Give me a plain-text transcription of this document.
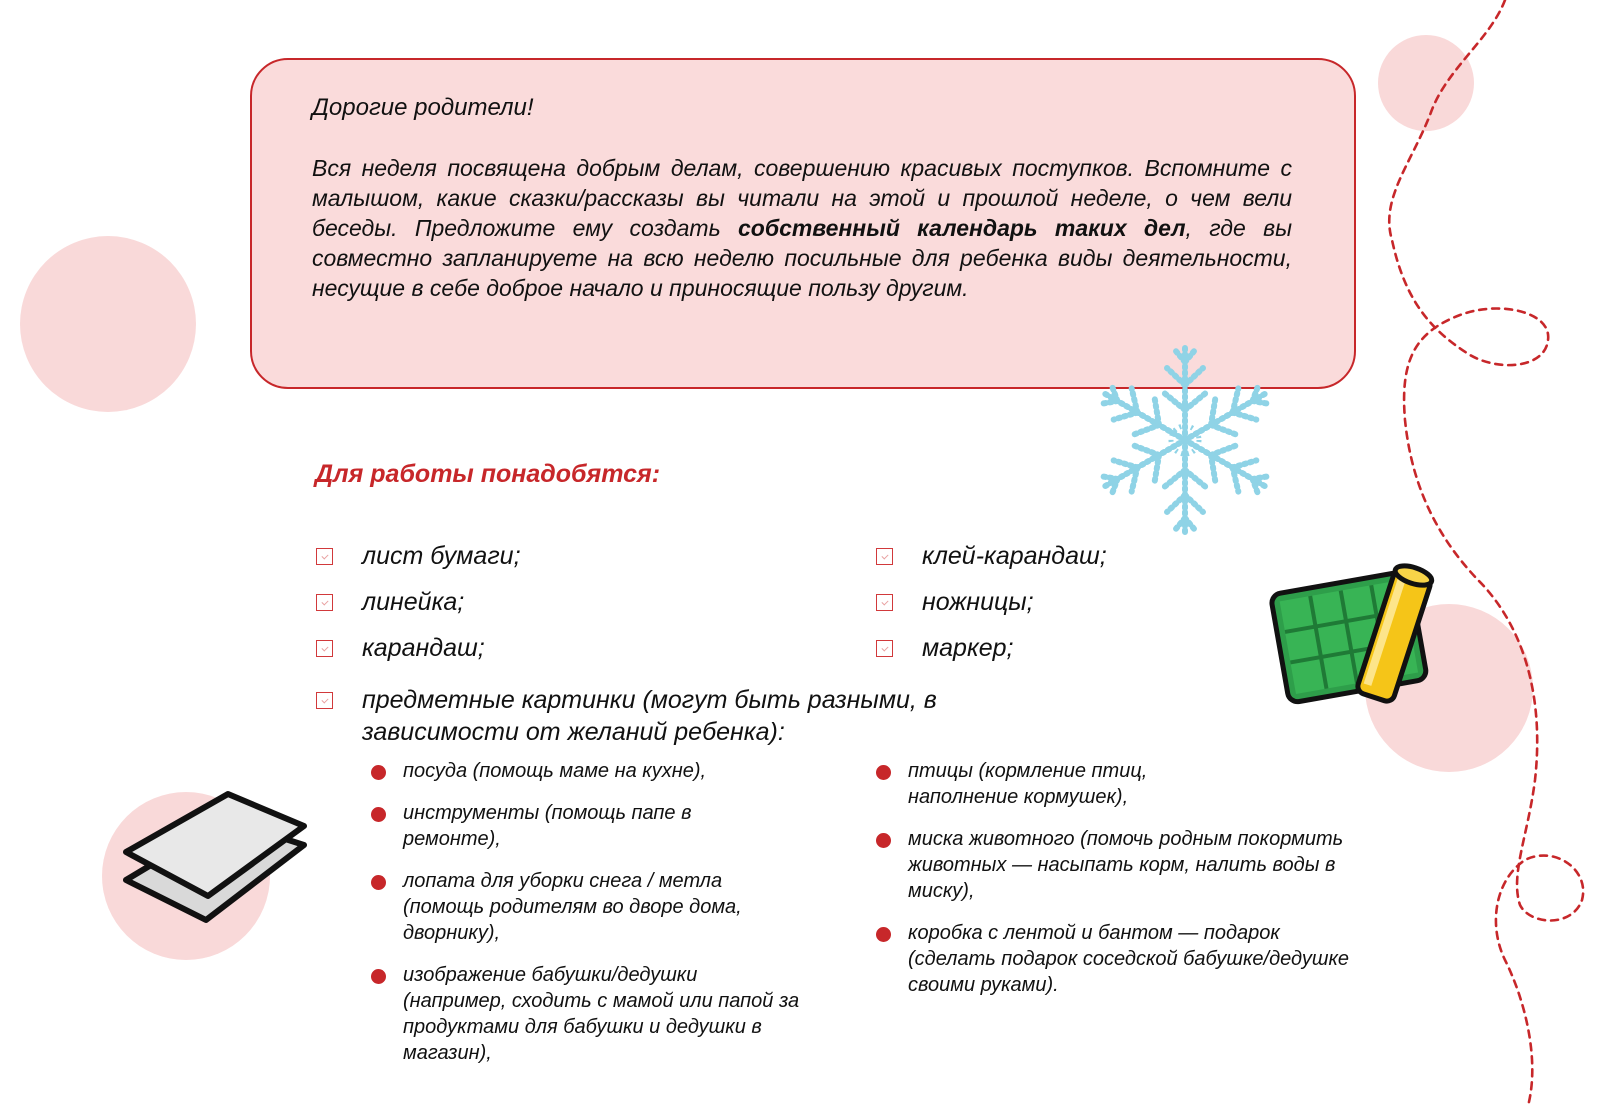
Дорогие родители!

Вся неделя посвящена добрым делам, совершению красивых поступков. Вспомните с малышом, какие сказки/рассказы вы читали на этой и прошлой неделе, о чем вели беседы. Предложите ему создать собственный календарь таких дел, где вы совместно запланируете на всю неделю посильные для ребенка виды деятельности, несущие в себе доброе начало и приносящие пользу другим.

Для работы понадобятся:

лист бумаги;
линейка;
карандаш;
клей-карандаш;
ножницы;
маркер;
предметные картинки (могут быть разными, в зависимости от желаний ребенка):

посуда (помощь маме на кухне),

инструменты (помощь папе в ремонте),

лопата для уборки снега / метла (помощь родителям во дворе дома, дворнику),

изображение бабушки/дедушки (например, сходить с мамой или папой за продуктами для бабушки и дедушки в магазин),

птицы (кормление птиц, наполнение кормушек),

миска животного (помочь родным покормить животных — насыпать корм, налить воды в миску),

коробка с лентой и бантом — подарок (сделать подарок соседской бабушке/дедушке своими руками).
